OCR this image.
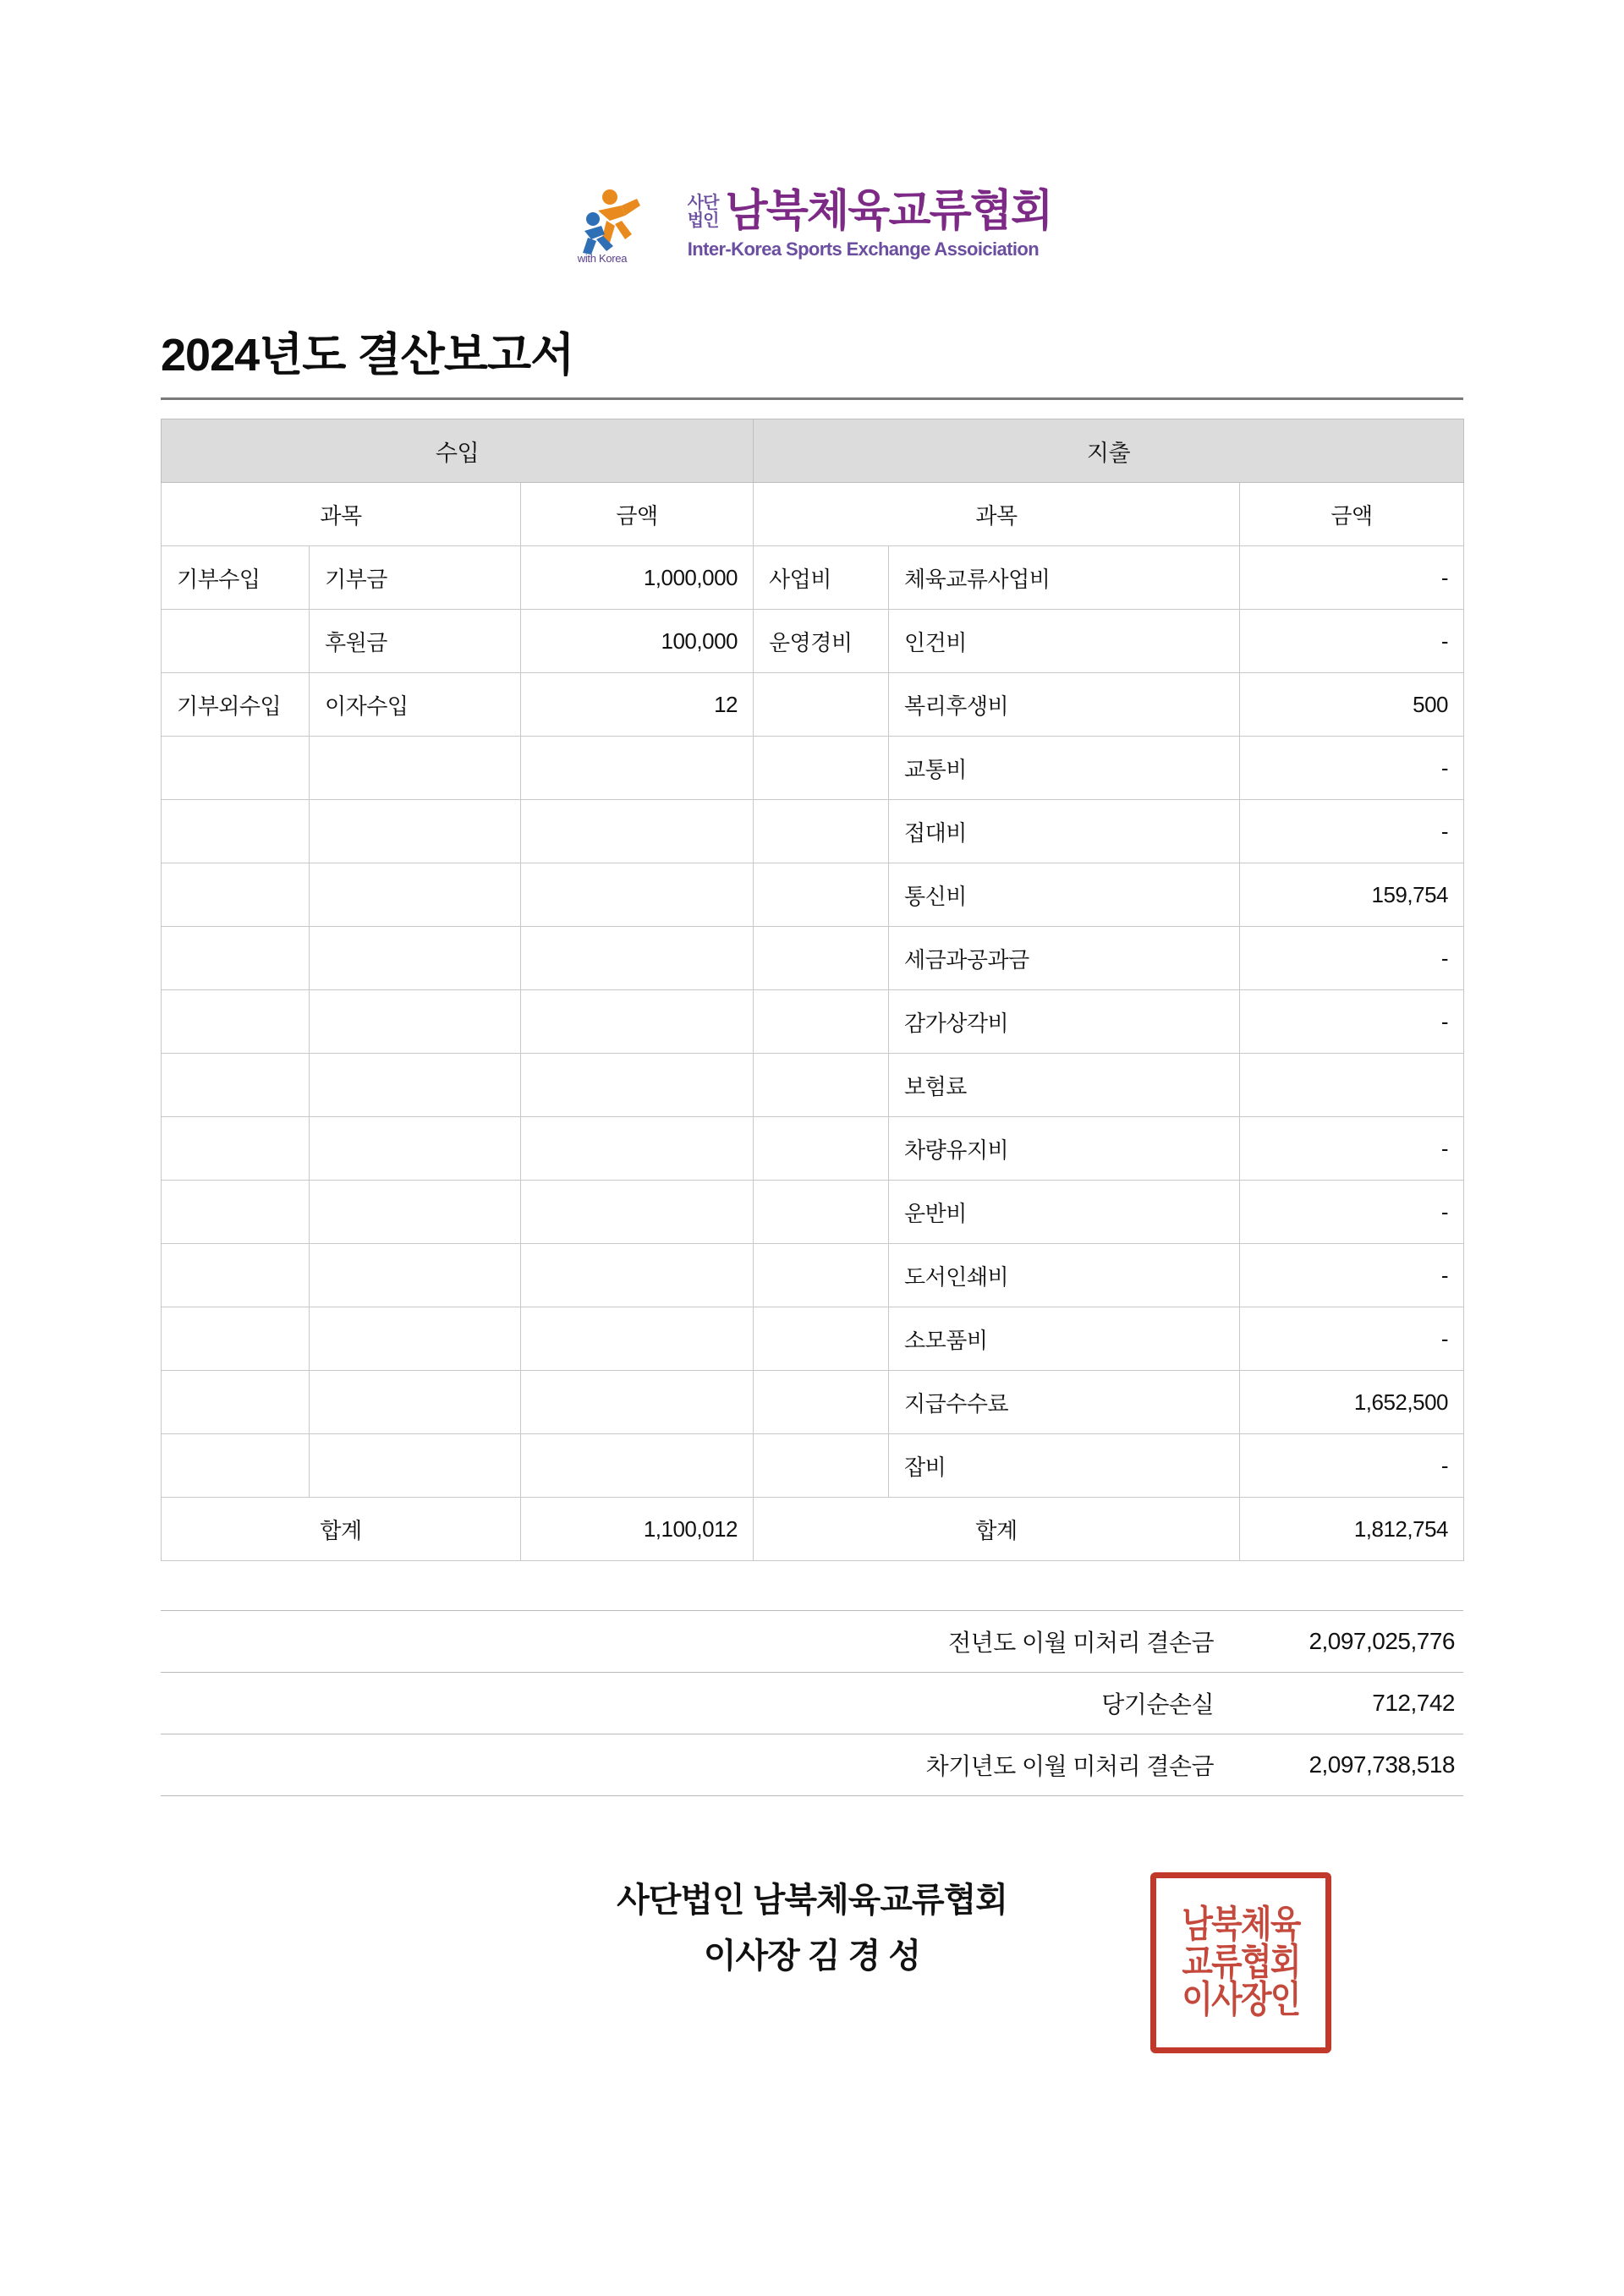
with Korea
사단
법인 남북체육교류협회
Inter-Korea Sports Exchange Assoiciation
2024년도 결산보고서
수입			지출		
과목		금액	과목		금액
기부수입	기부금	1,000,000	사업비	체육교류사업비	-
	후원금	100,000	운영경비	인건비	-
기부외수입	이자수입	12		복리후생비	500
				교통비	-
				접대비	-
				통신비	159,754
				세금과공과금	-
				감가상각비	-
				보험료	
				차량유지비	-
				운반비	-
				도서인쇄비	-
				소모품비	-
				지급수수료	1,652,500
				잡비	-
합계		1,100,012	합계		1,812,754
전년도 이월 미처리 결손금	2,097,025,776
당기순손실	712,742
차기년도 이월 미처리 결손금	2,097,738,518
사단법인 남북체육교류협회
이사장 김 경 성
남북체육교류협회이사장인
